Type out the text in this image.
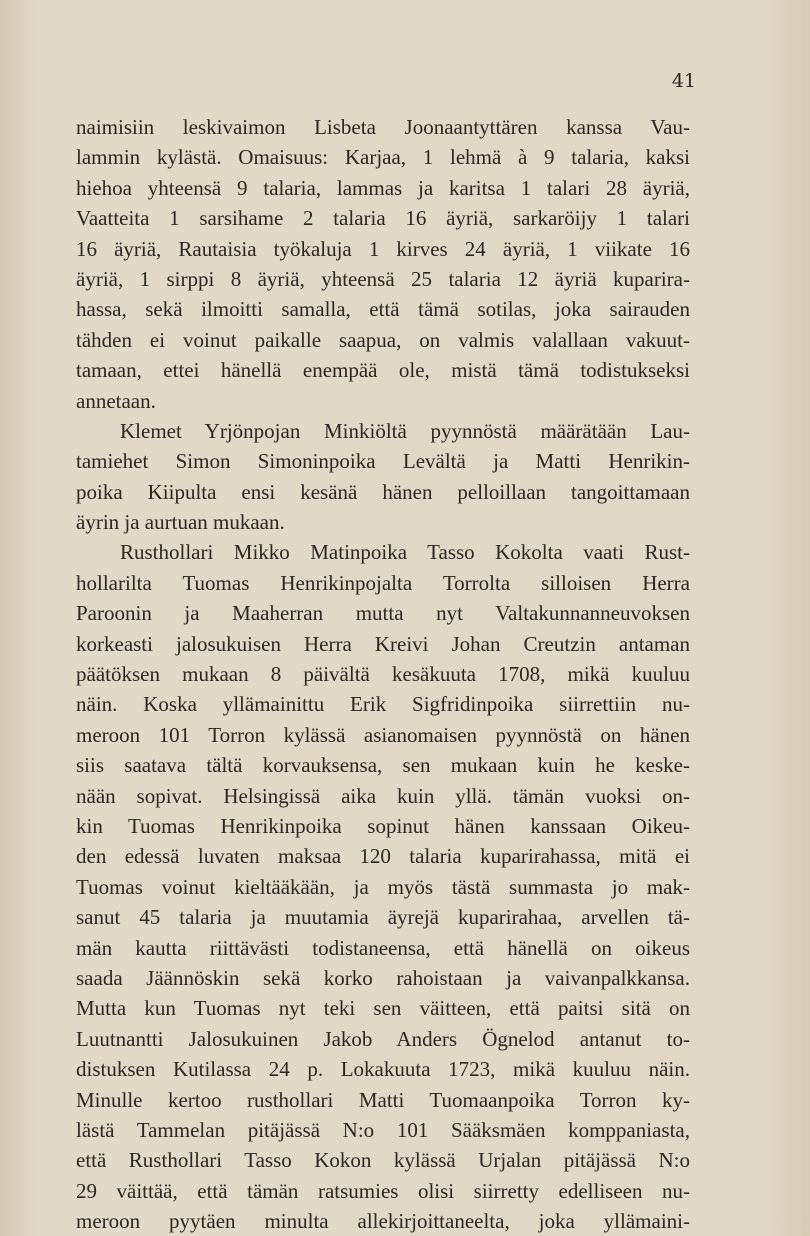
41
naimisiin leskivaimon Lisbeta Joonaantyttären kanssa Vau-
lammin kylästä. Omaisuus: Karjaa, 1 lehmä à 9 talaria, kaksi
hiehoa yhteensä 9 talaria, lammas ja karitsa 1 talari 28 äyriä,
Vaatteita 1 sarsihame 2 talaria 16 äyriä, sarkaröijy 1 talari
16 äyriä, Rautaisia työkaluja 1 kirves 24 äyriä, 1 viikate 16
äyriä, 1 sirppi 8 äyriä, yhteensä 25 talaria 12 äyriä kuparira-
hassa, sekä ilmoitti samalla, että tämä sotilas, joka sairauden
tähden ei voinut paikalle saapua, on valmis valallaan vakuut-
tamaan, ettei hänellä enempää ole, mistä tämä todistukseksi
annetaan.
Klemet Yrjönpojan Minkiöltä pyynnöstä määrätään Lau-
tamiehet Simon Simoninpoika Levältä ja Matti Henrikin-
poika Kiipulta ensi kesänä hänen pelloillaan tangoittamaan
äyrin ja aurtuan mukaan.
Rusthollari Mikko Matinpoika Tasso Kokolta vaati Rust-
hollarilta Tuomas Henrikinpojalta Torrolta silloisen Herra
Paroonin ja Maaherran mutta nyt Valtakunnanneuvoksen
korkeasti jalosukuisen Herra Kreivi Johan Creutzin antaman
päätöksen mukaan 8 päivältä kesäkuuta 1708, mikä kuuluu
näin. Koska yllämainittu Erik Sigfridinpoika siirrettiin nu-
meroon 101 Torron kylässä asianomaisen pyynnöstä on hänen
siis saatava tältä korvauksensa, sen mukaan kuin he keske-
nään sopivat. Helsingissä aika kuin yllä. tämän vuoksi on-
kin Tuomas Henrikinpoika sopinut hänen kanssaan Oikeu-
den edessä luvaten maksaa 120 talaria kuparirahassa, mitä ei
Tuomas voinut kieltääkään, ja myös tästä summasta jo mak-
sanut 45 talaria ja muutamia äyrejä kuparirahaa, arvellen tä-
män kautta riittävästi todistaneensa, että hänellä on oikeus
saada Jäännöskin sekä korko rahoistaan ja vaivanpalkkansa.
Mutta kun Tuomas nyt teki sen väitteen, että paitsi sitä on
Luutnantti Jalosukuinen Jakob Anders Ögnelod antanut to-
distuksen Kutilassa 24 p. Lokakuuta 1723, mikä kuuluu näin.
Minulle kertoo rusthollari Matti Tuomaanpoika Torron ky-
lästä Tammelan pitäjässä N:o 101 Sääksmäen komppaniasta,
että Rusthollari Tasso Kokon kylässä Urjalan pitäjässä N:o
29 väittää, että tämän ratsumies olisi siirretty edelliseen nu-
meroon pyytäen minulta allekirjoittaneelta, joka yllämaini-
